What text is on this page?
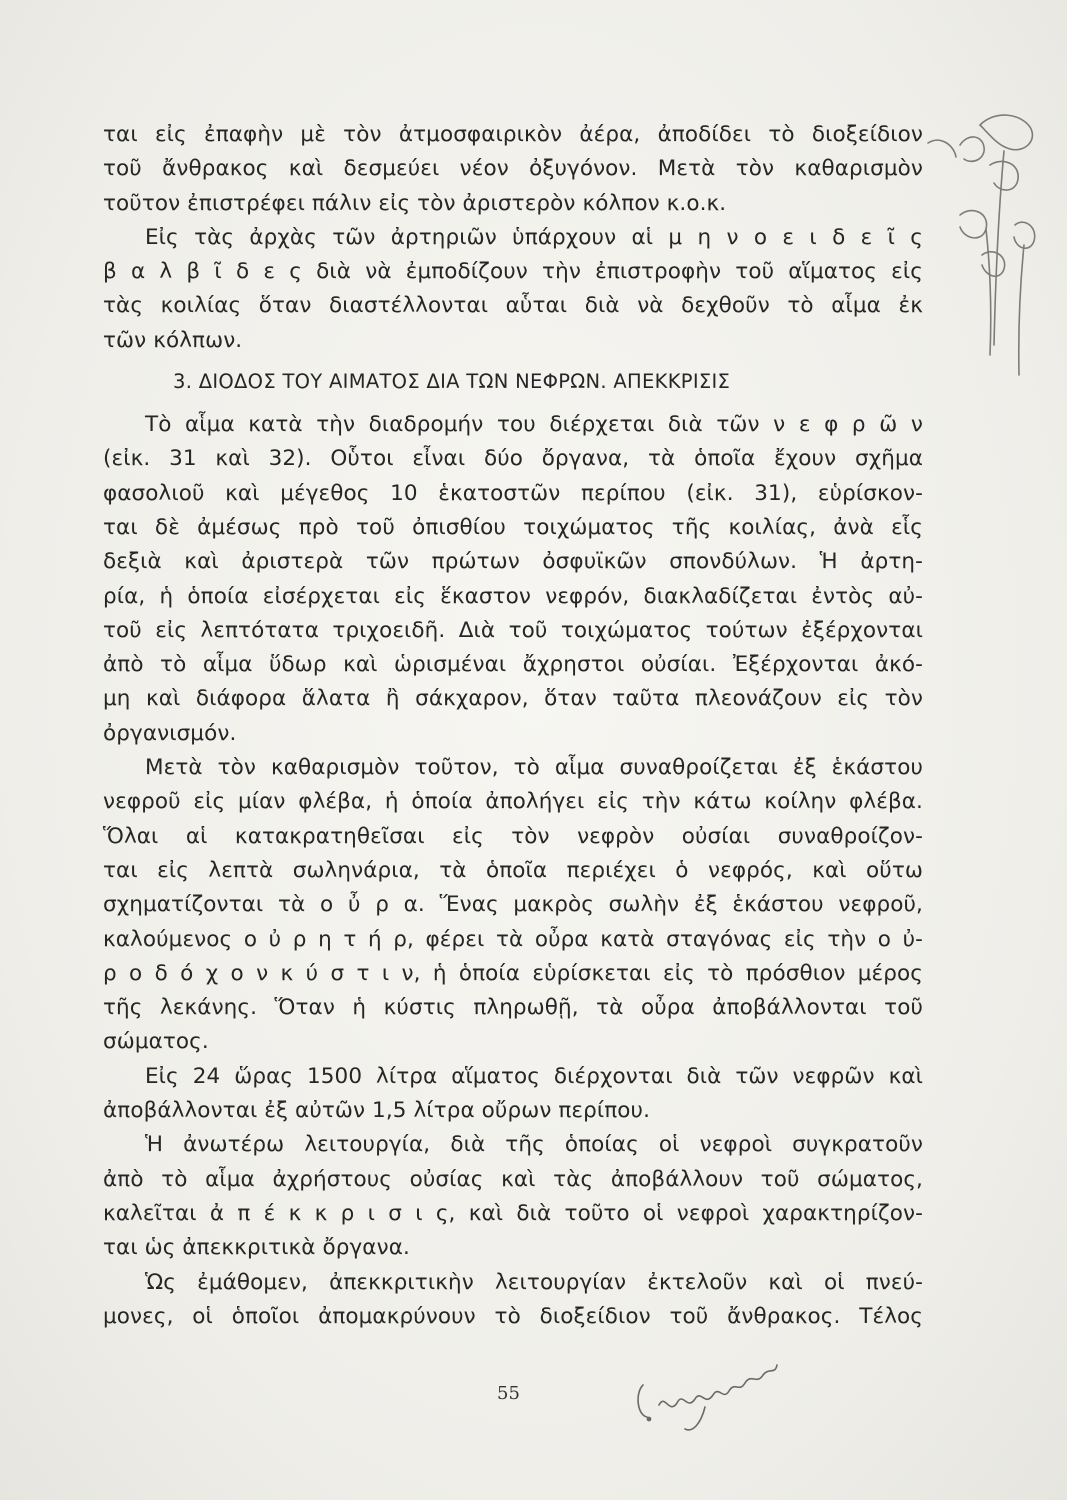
ται εἰς ἐπαφὴν μὲ τὸν ἀτμοσφαιρικὸν ἀέρα, ἀποδίδει τὸ διοξείδιον
τοῦ ἄνθρακος καὶ δεσμεύει νέον ὀξυγόνον. Μετὰ τὸν καθαρισμὸν
τοῦτον ἐπιστρέφει πάλιν εἰς τὸν ἀριστερὸν κόλπον κ.ο.κ.
Εἰς τὰς ἀρχὰς τῶν ἀρτηριῶν ὑπάρχουν αἱ μ η ν ο ε ι δ ε ῖ ς
β α λ β ῖ δ ε ς διὰ νὰ ἐμποδίζουν τὴν ἐπιστροφὴν τοῦ αἵματος εἰς
τὰς κοιλίας ὅταν διαστέλλονται αὗται διὰ νὰ δεχθοῦν τὸ αἷμα ἐκ
τῶν κόλπων.
3. ΔΙΟΔΟΣ ΤΟΥ ΑΙΜΑΤΟΣ ΔΙΑ ΤΩΝ ΝΕΦΡΩΝ. ΑΠΕΚΚΡΙΣΙΣ
Τὸ αἷμα κατὰ τὴν διαδρομήν του διέρχεται διὰ τῶν ν ε φ ρ ῶ ν
(εἰκ. 31 καὶ 32). Οὗτοι εἶναι δύο ὄργανα, τὰ ὁποῖα ἔχουν σχῆμα
φασολιοῦ καὶ μέγεθος 10 ἑκατοστῶν περίπου (εἰκ. 31), εὑρίσκον-
ται δὲ ἀμέσως πρὸ τοῦ ὀπισθίου τοιχώματος τῆς κοιλίας, ἀνὰ εἷς
δεξιὰ καὶ ἀριστερὰ τῶν πρώτων ὀσφυϊκῶν σπονδύλων. Ἡ ἀρτη-
ρία, ἡ ὁποία εἰσέρχεται εἰς ἕκαστον νεφρόν, διακλαδίζεται ἐντὸς αὐ-
τοῦ εἰς λεπτότατα τριχοειδῆ. Διὰ τοῦ τοιχώματος τούτων ἐξέρχονται
ἀπὸ τὸ αἷμα ὕδωρ καὶ ὡρισμέναι ἄχρηστοι οὐσίαι. Ἐξέρχονται ἀκό-
μη καὶ διάφορα ἅλατα ἢ σάκχαρον, ὅταν ταῦτα πλεονάζουν εἰς τὸν
ὀργανισμόν.
Μετὰ τὸν καθαρισμὸν τοῦτον, τὸ αἷμα συναθροίζεται ἐξ ἑκάστου
νεφροῦ εἰς μίαν φλέβα, ἡ ὁποία ἀπολήγει εἰς τὴν κάτω κοίλην φλέβα.
Ὅλαι αἱ κατακρατηθεῖσαι εἰς τὸν νεφρὸν οὐσίαι συναθροίζον-
ται εἰς λεπτὰ σωληνάρια, τὰ ὁποῖα περιέχει ὁ νεφρός, καὶ οὕτω
σχηματίζονται τὰ ο ὖ ρ α. Ἕνας μακρὸς σωλὴν ἐξ ἑκάστου νεφροῦ,
καλούμενος ο ὐ ρ η τ ή ρ, φέρει τὰ οὖρα κατὰ σταγόνας εἰς τὴν ο ὐ-
ρ ο δ ό χ ο ν κ ύ σ τ ι ν, ἡ ὁποία εὑρίσκεται εἰς τὸ πρόσθιον μέρος
τῆς λεκάνης. Ὅταν ἡ κύστις πληρωθῇ, τὰ οὖρα ἀποβάλλονται τοῦ
σώματος.
Εἰς 24 ὥρας 1500 λίτρα αἵματος διέρχονται διὰ τῶν νεφρῶν καὶ
ἀποβάλλονται ἐξ αὐτῶν 1,5 λίτρα οὔρων περίπου.
Ἡ ἀνωτέρω λειτουργία, διὰ τῆς ὁποίας οἱ νεφροὶ συγκρατοῦν
ἀπὸ τὸ αἷμα ἀχρήστους οὐσίας καὶ τὰς ἀποβάλλουν τοῦ σώματος,
καλεῖται ἀ π έ κ κ ρ ι σ ι ς, καὶ διὰ τοῦτο οἱ νεφροὶ χαρακτηρίζον-
ται ὡς ἀπεκκριτικὰ ὄργανα.
Ὡς ἐμάθομεν, ἀπεκκριτικὴν λειτουργίαν ἐκτελοῦν καὶ οἱ πνεύ-
μονες, οἱ ὁποῖοι ἀπομακρύνουν τὸ διοξείδιον τοῦ ἄνθρακος. Τέλος
55
